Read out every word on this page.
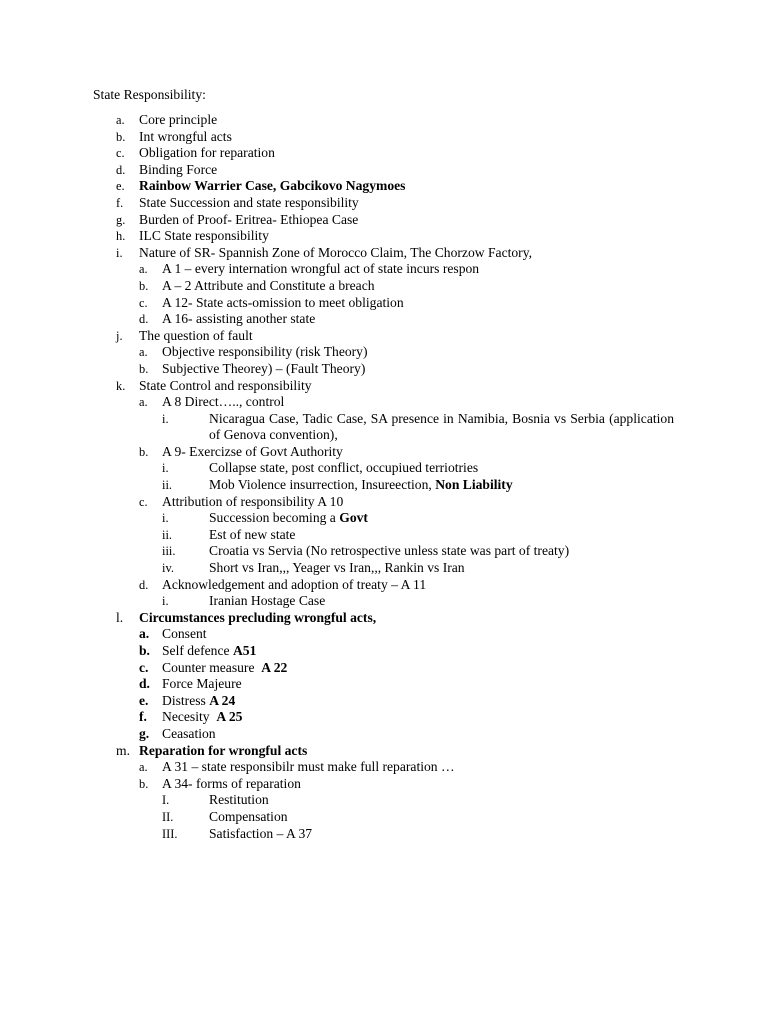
State Responsibility:
a. Core principle
b. Int wrongful acts
c. Obligation for reparation
d. Binding Force
e. Rainbow Warrier Case, Gabcikovo Nagymoes
f. State Succession and state responsibility
g. Burden of Proof- Eritrea- Ethiopea Case
h. ILC State responsibility
i. Nature of SR- Spannish Zone of Morocco Claim, The Chorzow Factory,
a. A 1 – every internation wrongful act of state incurs respon
b. A – 2 Attribute and Constitute a breach
c. A 12- State acts-omission to meet obligation
d. A 16- assisting another state
j. The question of fault
a. Objective responsibility (risk Theory)
b. Subjective Theorey) – (Fault Theory)
k. State Control and responsibility
a. A 8 Direct….., control
i.	Nicaragua Case, Tadic Case, SA presence in Namibia, Bosnia vs Serbia (application of Genova convention),
b. A 9- Exercizse of Govt Authority
i.	Collapse state, post conflict, occupiued terriotries
ii.	Mob Violence insurrection, Insureection, Non Liability
c. Attribution of responsibility A 10
i.	Succession becoming a Govt
ii.	Est of new state
iii. Croatia vs Servia (No retrospective unless state was part of treaty)
iv.	Short vs Iran,,, Yeager vs Iran,,, Rankin vs Iran
d. Acknowledgement and adoption of treaty – A 11
i.	Iranian Hostage Case
l. Circumstances precluding wrongful acts,
a. Consent
b. Self defence A51
c. Counter measure  A 22
d. Force Majeure
e. Distress A 24
f. Necesity  A 25
g. Ceasation
m. Reparation for wrongful acts
a. A 31 – state responsibilr must make full reparation …
b. A 34- forms of reparation
I.	Restitution
II.	Compensation
III. Satisfaction – A 37
